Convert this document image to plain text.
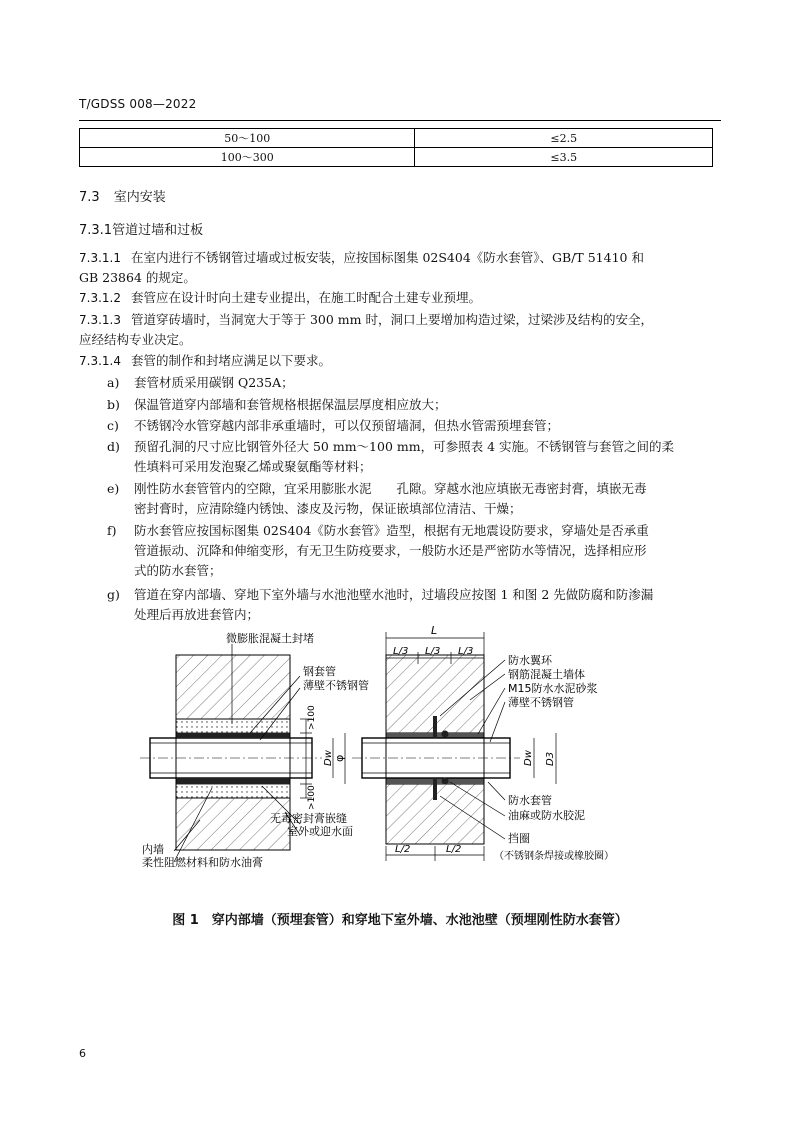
T/GDSS 008—2022
50～100	≤2.5
100～300	≤3.5
7.3 室内安装
7.3.1管道过墙和过板
7.3.1.1 在室内进行不锈钢管过墙或过板安装，应按国标图集 02S404《防水套管》、GB/T 51410 和
GB 23864 的规定。
7.3.1.2 套管应在设计时向土建专业提出，在施工时配合土建专业预埋。
7.3.1.3 管道穿砖墙时，当洞宽大于等于 300 mm 时，洞口上要增加构造过梁，过梁涉及结构的安全，
应经结构专业决定。
7.3.1.4 套管的制作和封堵应满足以下要求。
a) 套管材质采用碳钢 Q235A；
b) 保温管道穿内部墙和套管规格根据保温层厚度相应放大；
c) 不锈钢冷水管穿越内部非承重墙时，可以仅预留墙洞，但热水管需预埋套管；
d) 预留孔洞的尺寸应比钢管外径大 50 mm～100 mm，可参照表 4 实施。不锈钢管与套管之间的柔
性填料可采用发泡聚乙烯或聚氨酯等材料；
e) 刚性防水套管管内的空隙，宜采用膨胀水泥　　孔隙。穿越水池应填嵌无毒密封膏，填嵌无毒
密封膏时，应清除缝内锈蚀、漆皮及污物，保证嵌填部位清洁、干燥；
f) 防水套管应按国标图集 02S404《防水套管》造型，根据有无地震设防要求，穿墙处是否承重
管道振动、沉降和伸缩变形，有无卫生防疫要求，一般防水还是严密防水等情况，选择相应形
式的防水套管；
g) 管道在穿内部墙、穿地下室外墙与水池池壁水池时，过墙段应按图 1 和图 2 先做防腐和防渗漏
处理后再放进套管内；
微膨胀混凝土封堵
钢套管
薄壁不锈钢管
>100
>100
Dw φ
无毒密封膏嵌缝
室外或迎水面
内墙
柔性阻燃材料和防水油膏
L
L/3 L/3 L/3
防水翼环
钢筋混凝土墙体
M15防水水泥砂浆
薄壁不锈钢管
Dw D3
防水套管
油麻或防水胶泥
L/2	L/2
挡圈
（不锈钢条焊接或橡胶圈）
图 1　穿内部墙（预埋套管）和穿地下室外墙、水池池壁（预埋刚性防水套管）
6
